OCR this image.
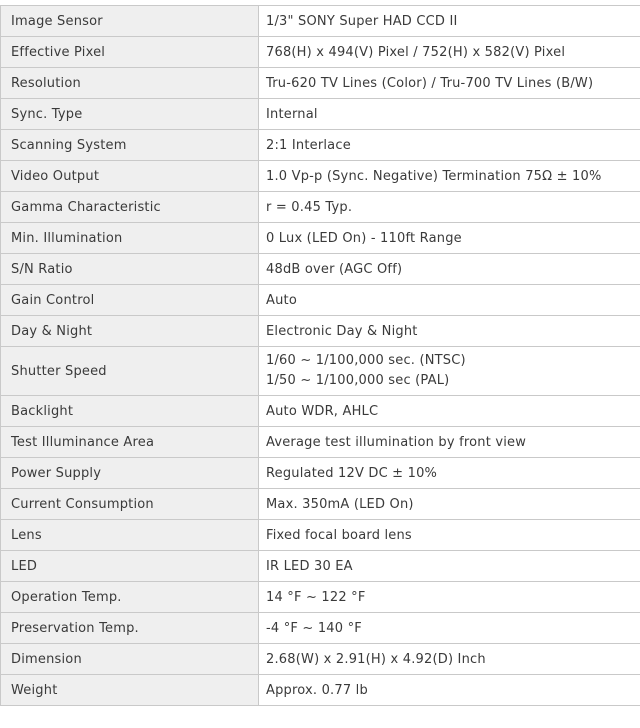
Image Sensor	1/3" SONY Super HAD CCD II
Effective Pixel	768(H) x 494(V) Pixel / 752(H) x 582(V) Pixel
Resolution	Tru-620 TV Lines (Color) / Tru-700 TV Lines (B/W)
Sync. Type	Internal
Scanning System	2:1 Interlace
Video Output	1.0 Vp-p (Sync. Negative) Termination 75Ω ± 10%
Gamma Characteristic	r = 0.45 Typ.
Min. Illumination	0 Lux (LED On) - 110ft Range
S/N Ratio	48dB over (AGC Off)
Gain Control	Auto
Day & Night	Electronic Day & Night
Shutter Speed	1/60 ~ 1/100,000 sec. (NTSC)
1/50 ~ 1/100,000 sec (PAL)

Backlight	Auto WDR, AHLC
Test Illuminance Area	Average test illumination by front view
Power Supply	Regulated 12V DC ± 10%
Current Consumption	Max. 350mA (LED On)
Lens	Fixed focal board lens
LED	IR LED 30 EA
Operation Temp.	14 °F ~ 122 °F
Preservation Temp.	-4 °F ~ 140 °F
Dimension	2.68(W) x 2.91(H) x 4.92(D) Inch
Weight	Approx. 0.77 lb
